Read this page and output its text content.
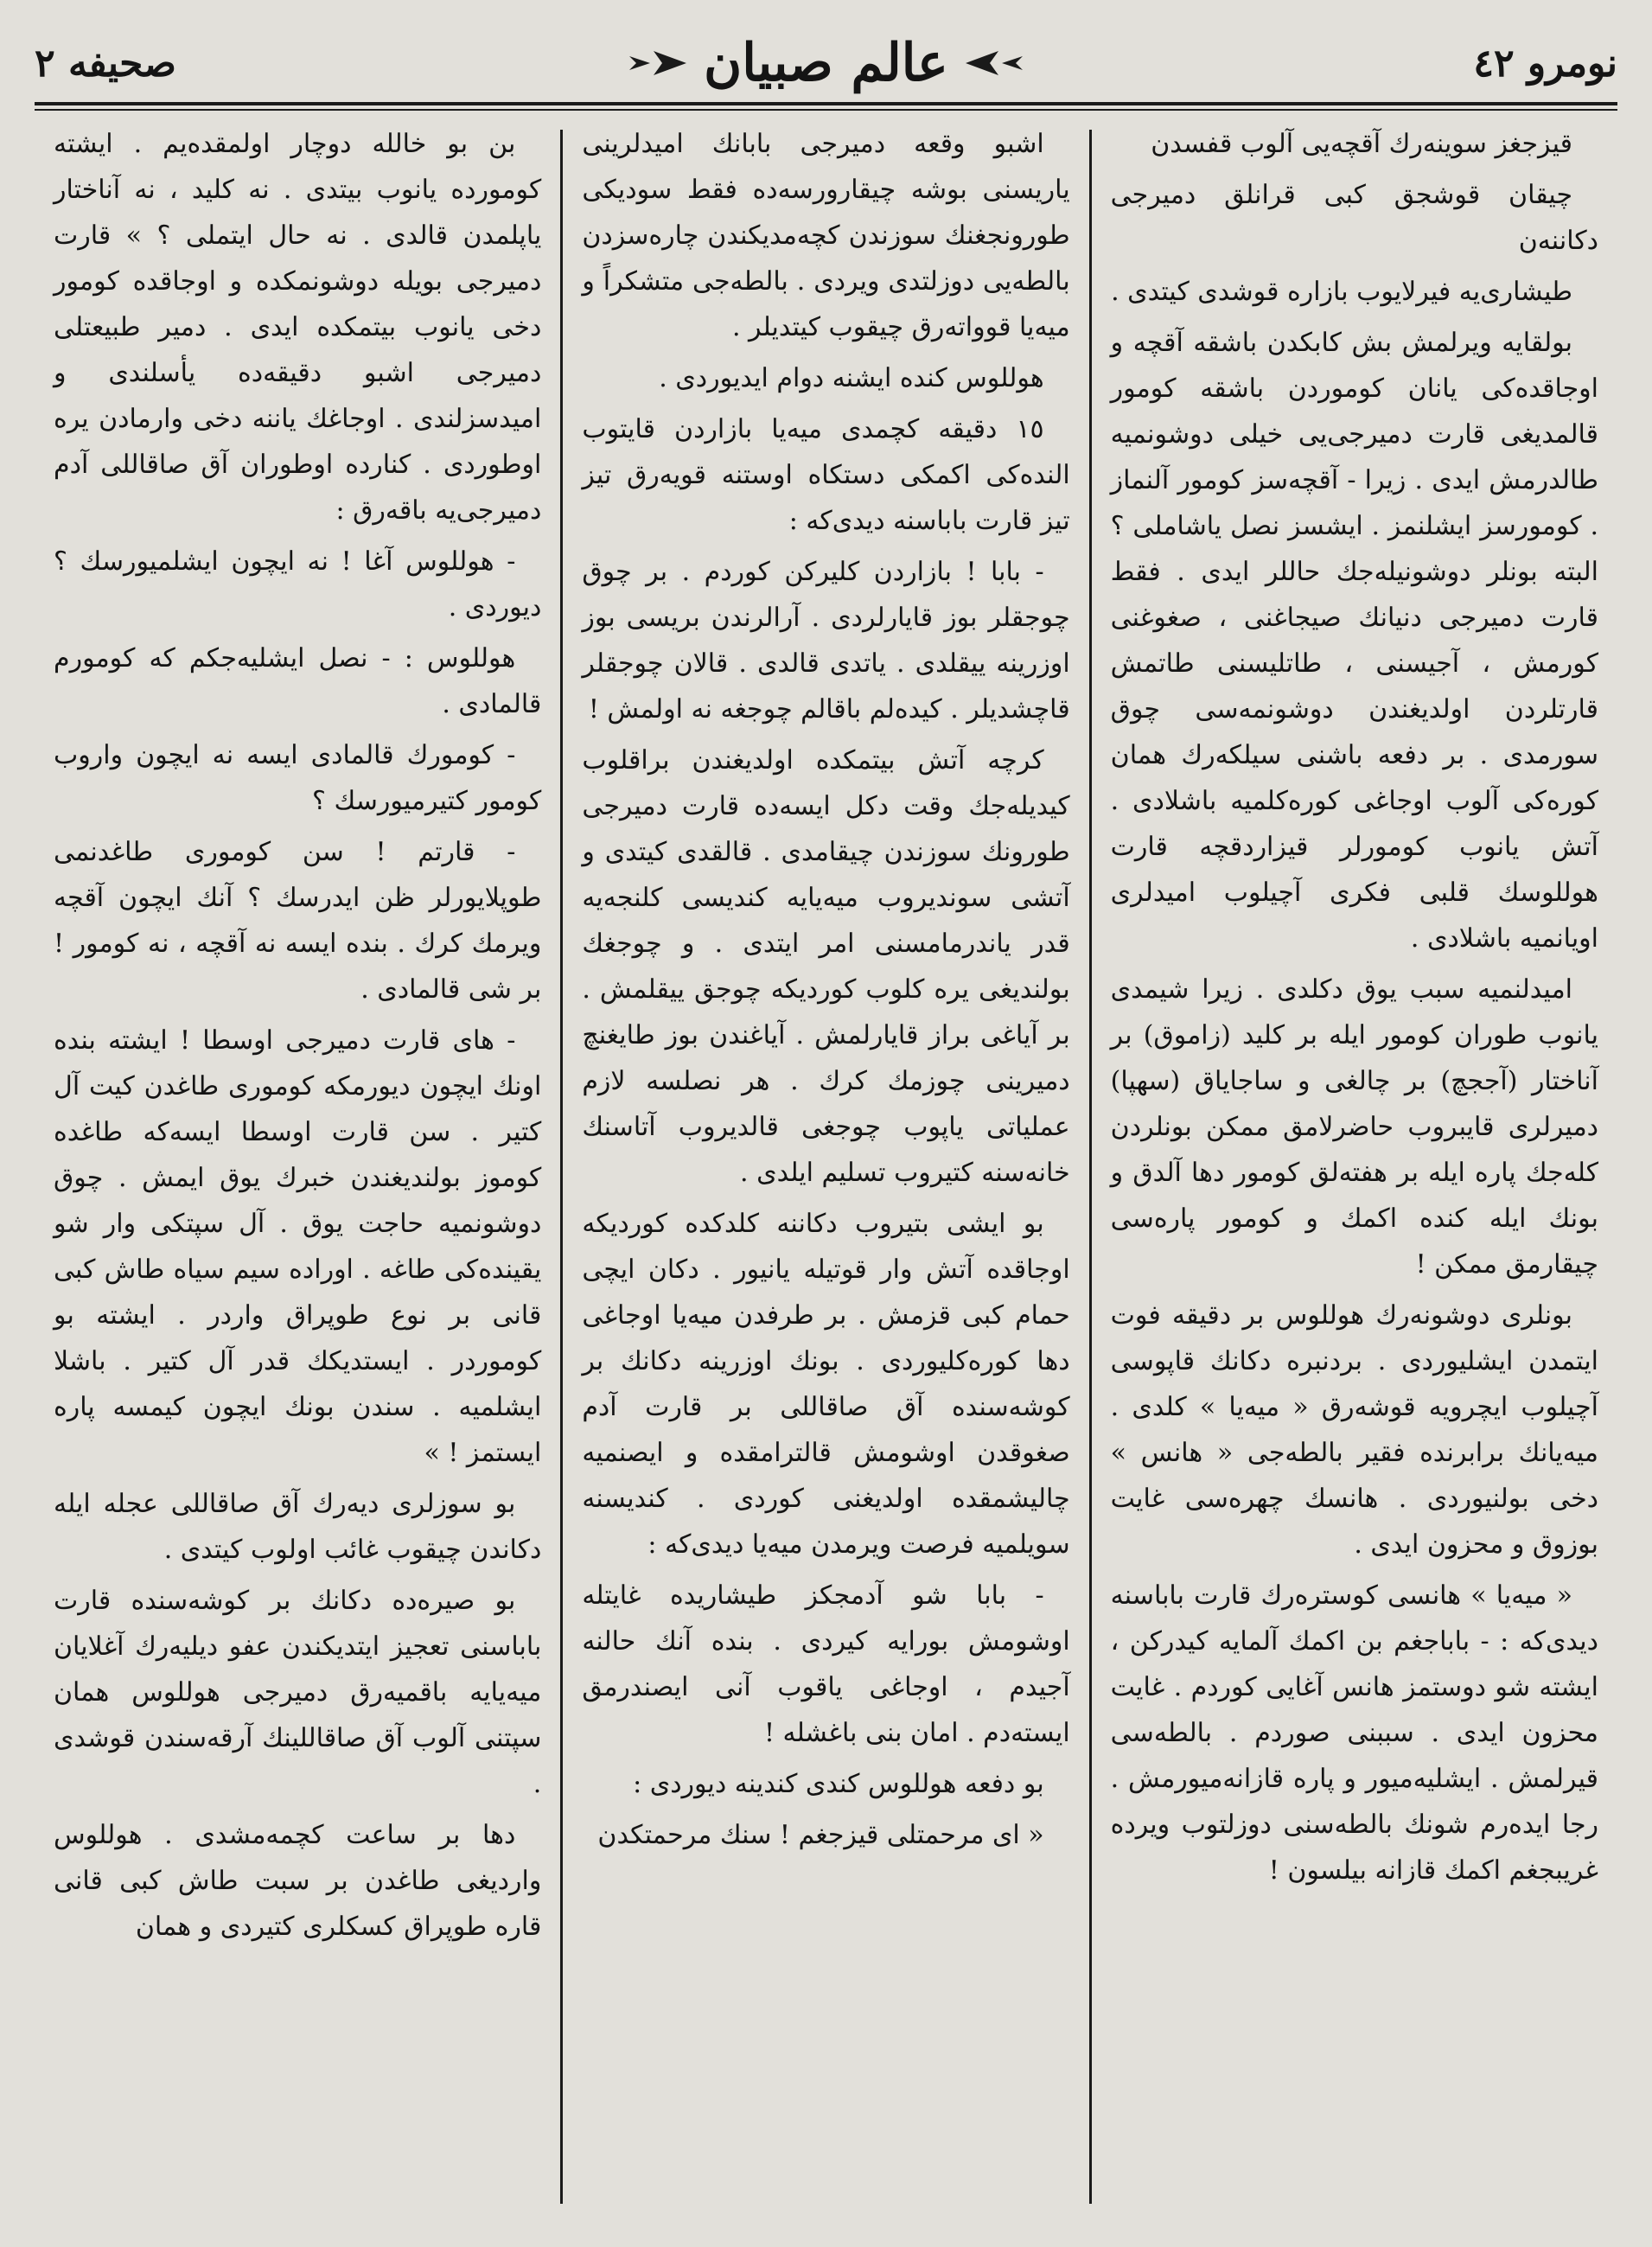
نومرو ٤٢
عالم صبیان
صحیفه ٢

قیزجغز سوینەرك آقچەیی آلوب قفسدن

چیقان قوشجق کبی قرانلق دمیرجی دکاننەن

طیشاری‌یە فیرلایوب بازاره قوشدی کیتدی .

بولقایه ویرلمش بش کابکدن باشقه آقچه و اوجاقدەکی یانان کوموردن باشقه کومور قالمدیغی قارت دمیرجی‌یی خیلی دوشونمیه طالدرمش ایدی . زیرا - آقچەسز کومور آلنماز . کومورسز ایشلنمز . ایشسز نصل یاشاملی ؟ البتە بونلر دوشونیلەجك حاللر ایدی . فقط قارت دمیرجی دنیانك صیجاغنی ، صغوغنی کورمش ، آجیسنی ، طاتلیسنی طاتمش قارتلردن اولدیغندن دوشونمه‌سی چوق سورمدی . بر دفعه باشنی سیلکەرك همان کورەکی آلوب اوجاغی کورەکلمیه باشلادی . آتش یانوب کومورلر قیزاردقچه قارت هوللوسك قلبی فکری آچیلوب امیدلری اویانمیه باشلادی .

امیدلنمیه سبب یوق دکلدی . زیرا شیمدی یانوب طوران کومور ایله بر کلید (زاموق) بر آناختار (آججچ) بر چالغی و ساجایاق (سهپا) دمیرلری قایبروب حاضرلامق ممکن بونلردن کله‌جك پاره ایله بر هفته‌لق کومور دها آلدق و بونك ایله کنده اکمك و کومور پاره‌سی چیقارمق ممکن !

بونلری دوشونەرك هوللوس بر دقیقه فوت ایتمدن ایشلیوردی . بردنبره دکانك قاپوسی آچیلوب ایچرویه قوشەرق « میه‌یا » کلدی . میه‌یانك برابرنده فقیر بالطه‌جی « هانس » دخی بولنیوردی . هانسك چهره‌سی غایت بوزوق و محزون ایدی .

« میه‌یا » هانسی کوسترەرك قارت باباسنه دیدی‌که : - باباجغم بن اکمك آلمایه کیدرکن ، ایشته شو دوستمز هانس آغایی کوردم . غایت محزون ایدی . سببنی صوردم . بالطه‌سی قیرلمش . ایشلیه‌میور و پاره قازانه‌میورمش . رجا ایدەرم شونك بالطه‌سنی دوزلتوب ویرده غریبجغم اکمك قازانه بیلسون !

اشبو وقعه دمیرجی بابانك امیدلرینی یاریسنی بوشه چیقارورسه‌ده فقط سودیکی طورونجغنك سوزندن کچەمدیکندن چارەسزدن بالطه‌یی دوزلتدی ویردی . بالطه‌جی متشکراً و میه‌یا قوواتەرق چیقوب کیتدیلر .

هوللوس کنده ایشنه دوام ایدیوردی .

١٥ دقیقه کچمدی میه‌یا بازاردن قایتوب النده‌کی اکمکی دستکاه اوستنه قویەرق تیز تیز قارت باباسنه دیدی‌که :

- بابا ! بازاردن کلیرکن کوردم . بر چوق چوجقلر بوز قایارلردی . آرالرندن بریسی بوز اوزرینه ییقلدی . یاتدی قالدی . قالان چوجقلر قاچشدیلر . کیدەلم باقالم چوجغه نه اولمش !

کرچه آتش بیتمکده اولدیغندن براقلوب کیدیله‌جك وقت دکل ایسه‌ده قارت دمیرجی طورونك سوزندن چیقامدی . قالقدی کیتدی و آتشی سوندیروب میه‌یایه کندیسی کلنجه‌یه قدر یاندرمامسنی امر ایتدی . و چوجغك بولندیغی یره کلوب کوردیکه چوجق ییقلمش . بر آیاغی براز قایارلمش . آیاغندن بوز طایغنچ دمیرینی چوزمك کرك . هر نصلسه لازم عملیاتی یاپوب چوجغی قالدیروب آتاسنك خانه‌سنه کتیروب تسلیم ایلدی .

بو ایشی بتیروب دکاننه کلدکده کوردیکه اوجاقده آتش وار قوتیله یانیور . دکان ایچی حمام کبی قزمش . بر طرفدن میه‌یا اوجاغی دها کورەکلیوردی . بونك اوزرینه دکانك بر کوشه‌سنده آق صاقاللی بر قارت آدم صغوقدن اوشومش قالترامقده و ایصنمیه چالیشمقده اولدیغنی کوردی . کندیسنه سویلمیه فرصت ویرمدن میه‌یا دیدی‌که :

- بابا شو آدمجکز طیشاریده غایتله اوشومش بورایه کیردی . بنده آنك حالنه آجیدم ، اوجاغی یاقوب آنی ایصندرمق ایستەدم . امان بنی باغشله !

بو دفعه هوللوس کندی کندینه دیوردی :

« ای مرحمتلی قیزجغم ! سنك مرحمتکدن

بن بو خالله دوچار اولمقده‌یم . ایشته کوموردە یانوب بیتدی . نه کلید ، نه آناختار یاپلمدن قالدی . نه حال ایتملی ؟ » قارت دمیرجی بویله دوشونمکده و اوجاقده کومور دخی یانوب بیتمکده ایدی . دمیر طبیعتلی دمیرجی اشبو دقیقه‌ده یأسلندی و امیدسزلندی . اوجاغك یاننه دخی وارمادن یره اوطوردی . کنارده اوطوران آق صاقاللی آدم دمیرجی‌یه باقەرق :

- هوللوس آغا ! نه ایچون ایشلمیورسك ؟ دیوردی .

هوللوس : - نصل ایشلیەجکم که کومورم قالمادی .

- کومورك قالمادی ایسه نه ایچون واروب کومور کتیرمیورسك ؟

- قارتم ! سن کوموری طاغدنمی طوپلایورلر ظن ایدرسك ؟ آنك ایچون آقچه ویرمك کرك . بنده ایسه نه آقچه ، نه کومور ! بر شی قالمادی .

- های قارت دمیرجی اوسطا ! ایشته بنده اونك ایچون دیورمکه کوموری طاغدن کیت آل کتیر . سن قارت اوسطا ایسه‌کە طاغده کوموز بولندیغندن خبرك یوق ایمش . چوق دوشونمیه حاجت یوق . آل سپتکی وار شو یقینده‌کی طاغه . اوراده سیم سیاه طاش کبی قانی بر نوع طوپراق واردر . ایشته بو کوموردر . ایستدیکك قدر آل کتیر . باشلا ایشلمیه . سندن بونك ایچون کیمسه پاره ایستمز ! »

بو سوزلری دیەرك آق صاقاللی عجله ایله دکاندن چیقوب غائب اولوب کیتدی .

بو صیرەده دکانك بر کوشه‌سنده قارت باباسنی تعجیز ایتدیکندن عفو دیلیەرك آغلایان میه‌یایه باقمیەرق دمیرجی هوللوس همان سپتنی آلوب آق صاقاللینك آرقه‌سندن قوشدی .

دها بر ساعت کچمه‌مشدی . هوللوس واردیغی طاغدن بر سبت طاش کبی قانی قاره طوپراق کسکلری کتیردی و همان
